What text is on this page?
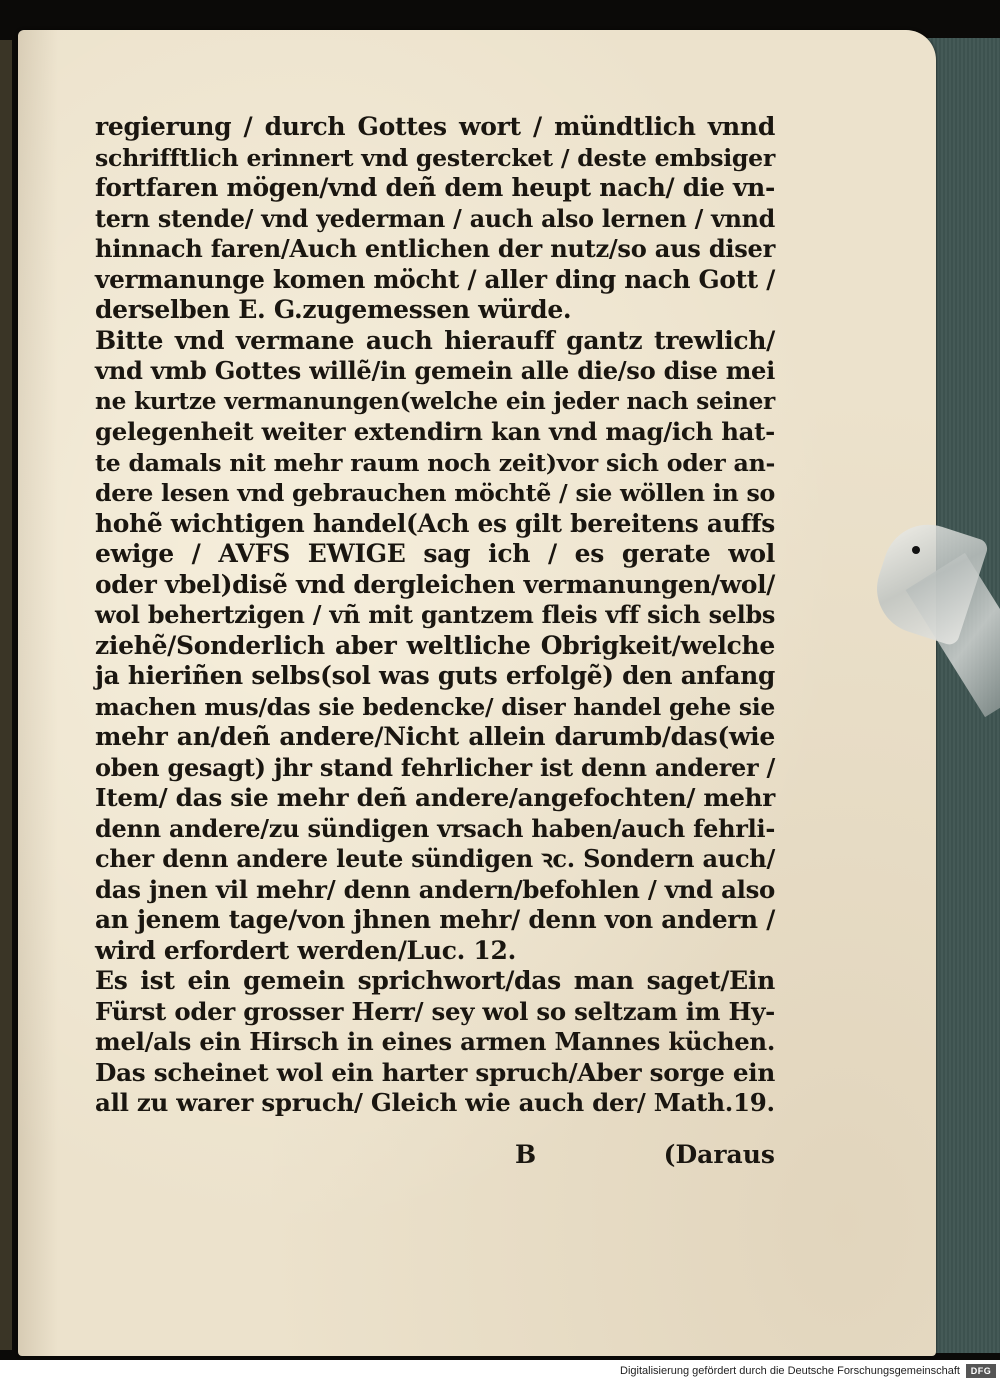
regierung / durch Gottes wort / mündtlich vnnd
schrifftlich erinnert vnd gestercket / deste embsiger
fortfaren mögen/vnd deñ dem heupt nach/ die vn-
tern stende/ vnd yederman / auch also lernen / vnnd
hinnach faren/Auch entlichen der nutz/so aus diser
vermanunge komen möcht / aller ding nach Gott /
derselben E. G.zugemessen würde.
Bitte vnd vermane auch hierauff gantz trewlich/
vnd vmb Gottes willẽ/in gemein alle die/so dise mei
ne kurtze vermanungen(welche ein jeder nach seiner
gelegenheit weiter extendirn kan vnd mag/ich hat-
te damals nit mehr raum noch zeit)vor sich oder an-
dere lesen vnd gebrauchen möchtẽ / sie wöllen in so
hohẽ wichtigen handel(Ach es gilt bereitens auffs
ewige / AVFS EWIGE sag ich / es gerate wol
oder vbel)disẽ vnd dergleichen vermanungen/wol/
wol behertzigen / vñ mit gantzem fleis vff sich selbs
ziehẽ/Sonderlich aber weltliche Obrigkeit/welche
ja hieriñen selbs(sol was guts erfolgẽ) den anfang
machen mus/das sie bedencke/ diser handel gehe sie
mehr an/deñ andere/Nicht allein darumb/das(wie
oben gesagt) jhr stand fehrlicher ist denn anderer /
Item/ das sie mehr deñ andere/angefochten/ mehr
denn andere/zu sündigen vrsach haben/auch fehrli-
cher denn andere leute sündigen ꝛc. Sondern auch/
das jnen vil mehr/ denn andern/befohlen / vnd also
an jenem tage/von jhnen mehr/ denn von andern /
wird erfordert werden/Luc. 12.
Es ist ein gemein sprichwort/das man saget/Ein
Fürst oder grosser Herr/ sey wol so seltzam im Hy-
mel/als ein Hirsch in eines armen Mannes küchen.
Das scheinet wol ein harter spruch/Aber sorge ein
all zu warer spruch/ Gleich wie auch der/ Math.19.
B	(Daraus
Digitalisierung gefördert durch die Deutsche Forschungsgemeinschaft	DFG
